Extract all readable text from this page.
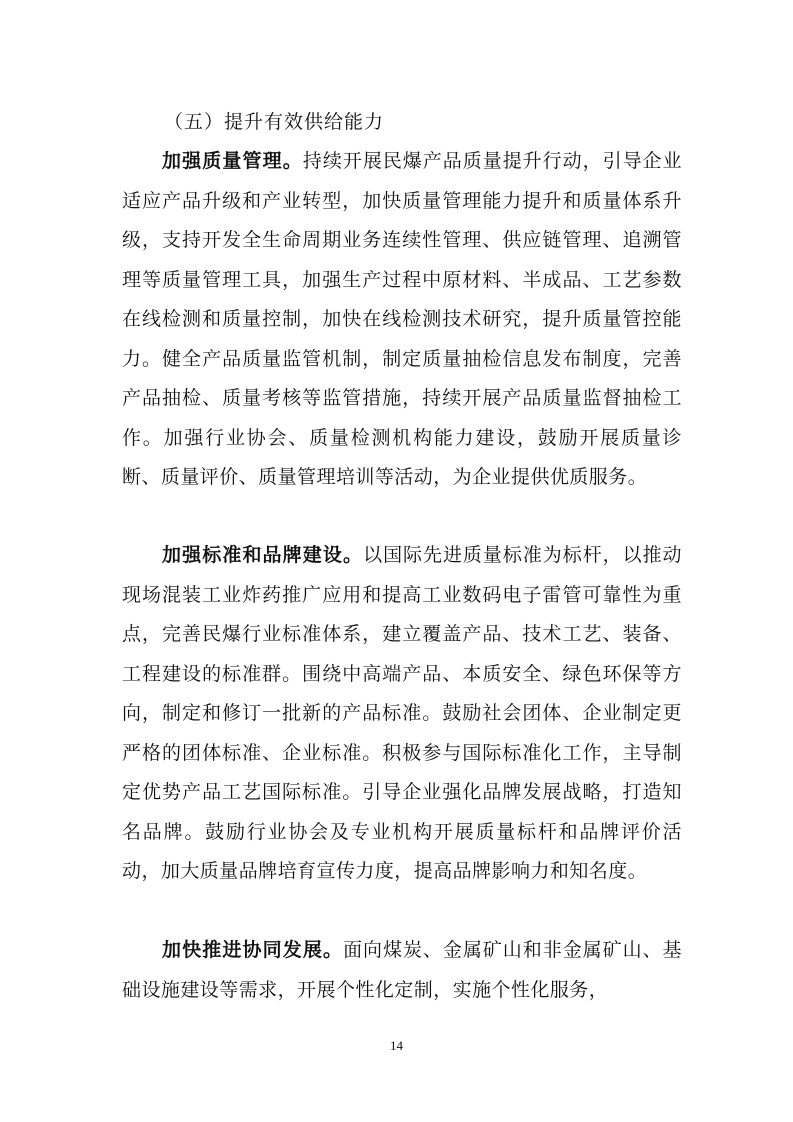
（五）提升有效供给能力

加强质量管理。持续开展民爆产品质量提升行动，引导企业适应产品升级和产业转型，加快质量管理能力提升和质量体系升级，支持开发全生命周期业务连续性管理、供应链管理、追溯管理等质量管理工具，加强生产过程中原材料、半成品、工艺参数在线检测和质量控制，加快在线检测技术研究，提升质量管控能力。健全产品质量监管机制，制定质量抽检信息发布制度，完善产品抽检、质量考核等监管措施，持续开展产品质量监督抽检工作。加强行业协会、质量检测机构能力建设，鼓励开展质量诊断、质量评价、质量管理培训等活动，为企业提供优质服务。

加强标准和品牌建设。以国际先进质量标准为标杆，以推动现场混装工业炸药推广应用和提高工业数码电子雷管可靠性为重点，完善民爆行业标准体系，建立覆盖产品、技术工艺、装备、工程建设的标准群。围绕中高端产品、本质安全、绿色环保等方向，制定和修订一批新的产品标准。鼓励社会团体、企业制定更严格的团体标准、企业标准。积极参与国际标准化工作，主导制定优势产品工艺国际标准。引导企业强化品牌发展战略，打造知名品牌。鼓励行业协会及专业机构开展质量标杆和品牌评价活动，加大质量品牌培育宣传力度，提高品牌影响力和知名度。

加快推进协同发展。面向煤炭、金属矿山和非金属矿山、基础设施建设等需求，开展个性化定制，实施个性化服务，

14
